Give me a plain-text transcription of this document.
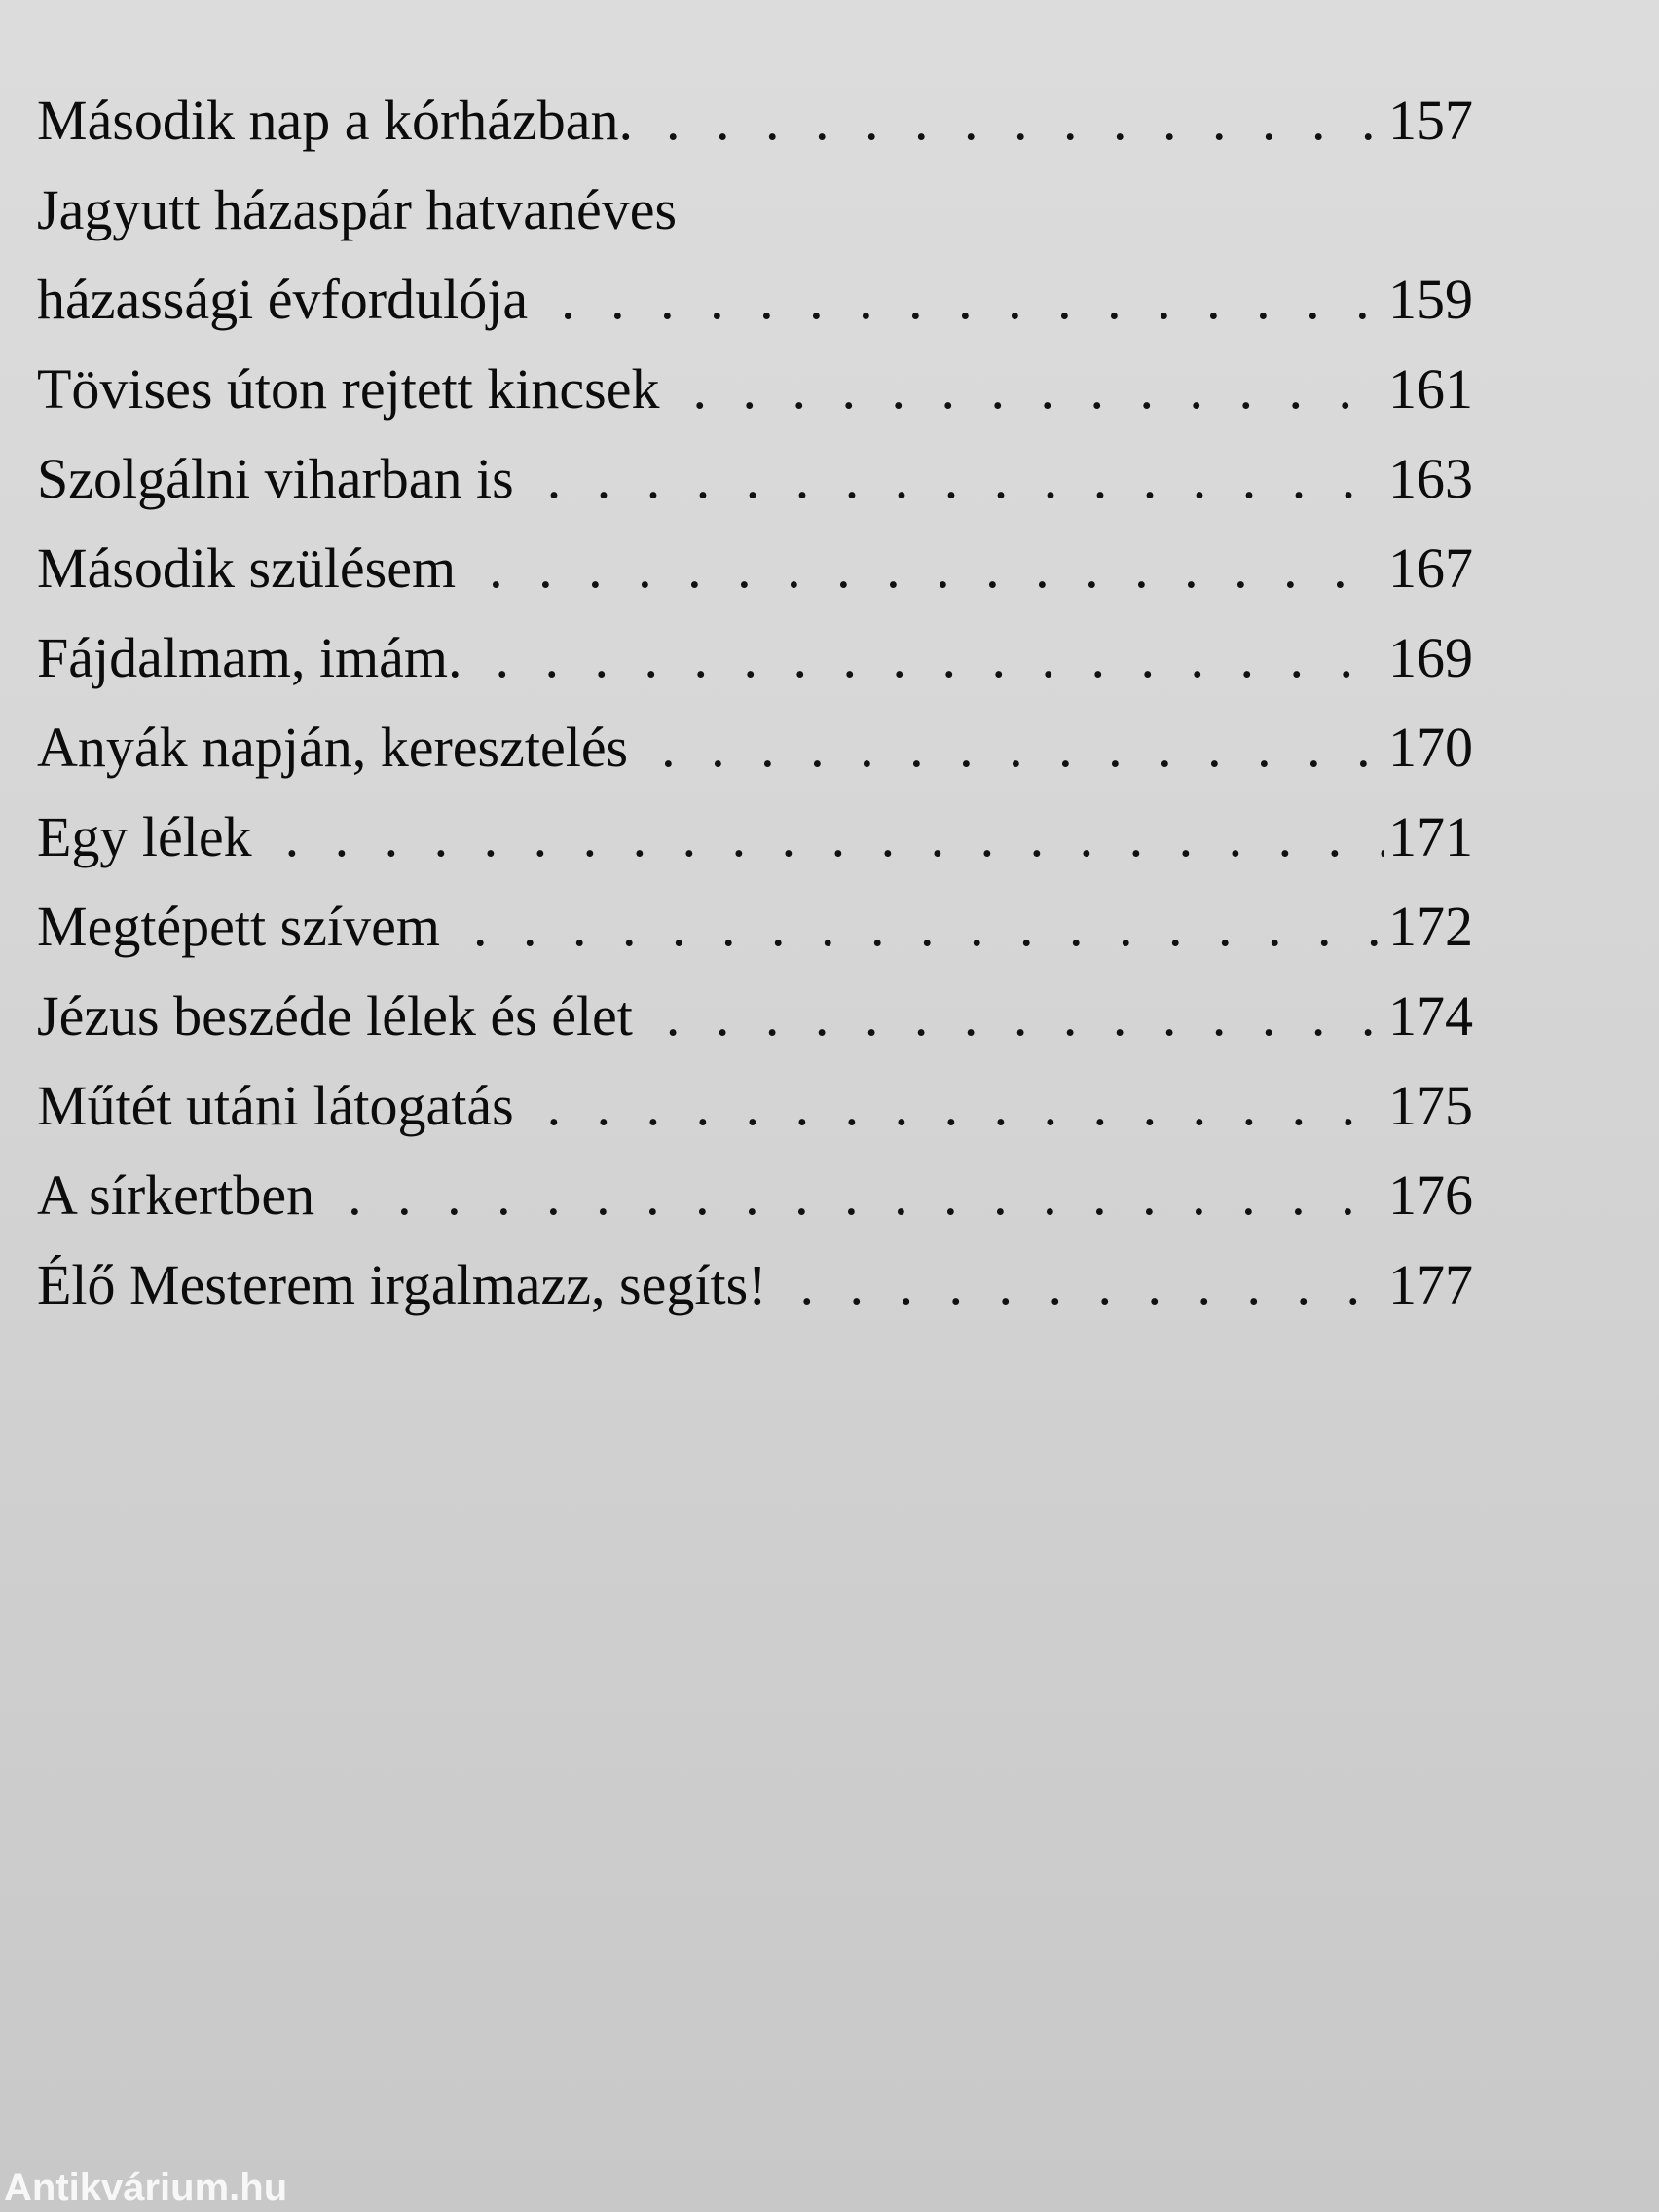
Második nap a kórházban. . . .	157
Jagyutt házaspár hatvanéves
házassági évfordulója . . .	159
Tövises úton rejtett kincsek . . .	161
Szolgálni viharban is . . .	163
Második szülésem . . .	167
Fájdalmam, imám. . . .	169
Anyák napján, keresztelés . . .	170
Egy lélek . . .	171
Megtépett szívem . . .	172
Jézus beszéde lélek és élet . . .	174
Műtét utáni látogatás . . .	175
A sírkertben . . .	176
Élő Mesterem irgalmazz, segíts! . . .	177
Antikvárium.hu
